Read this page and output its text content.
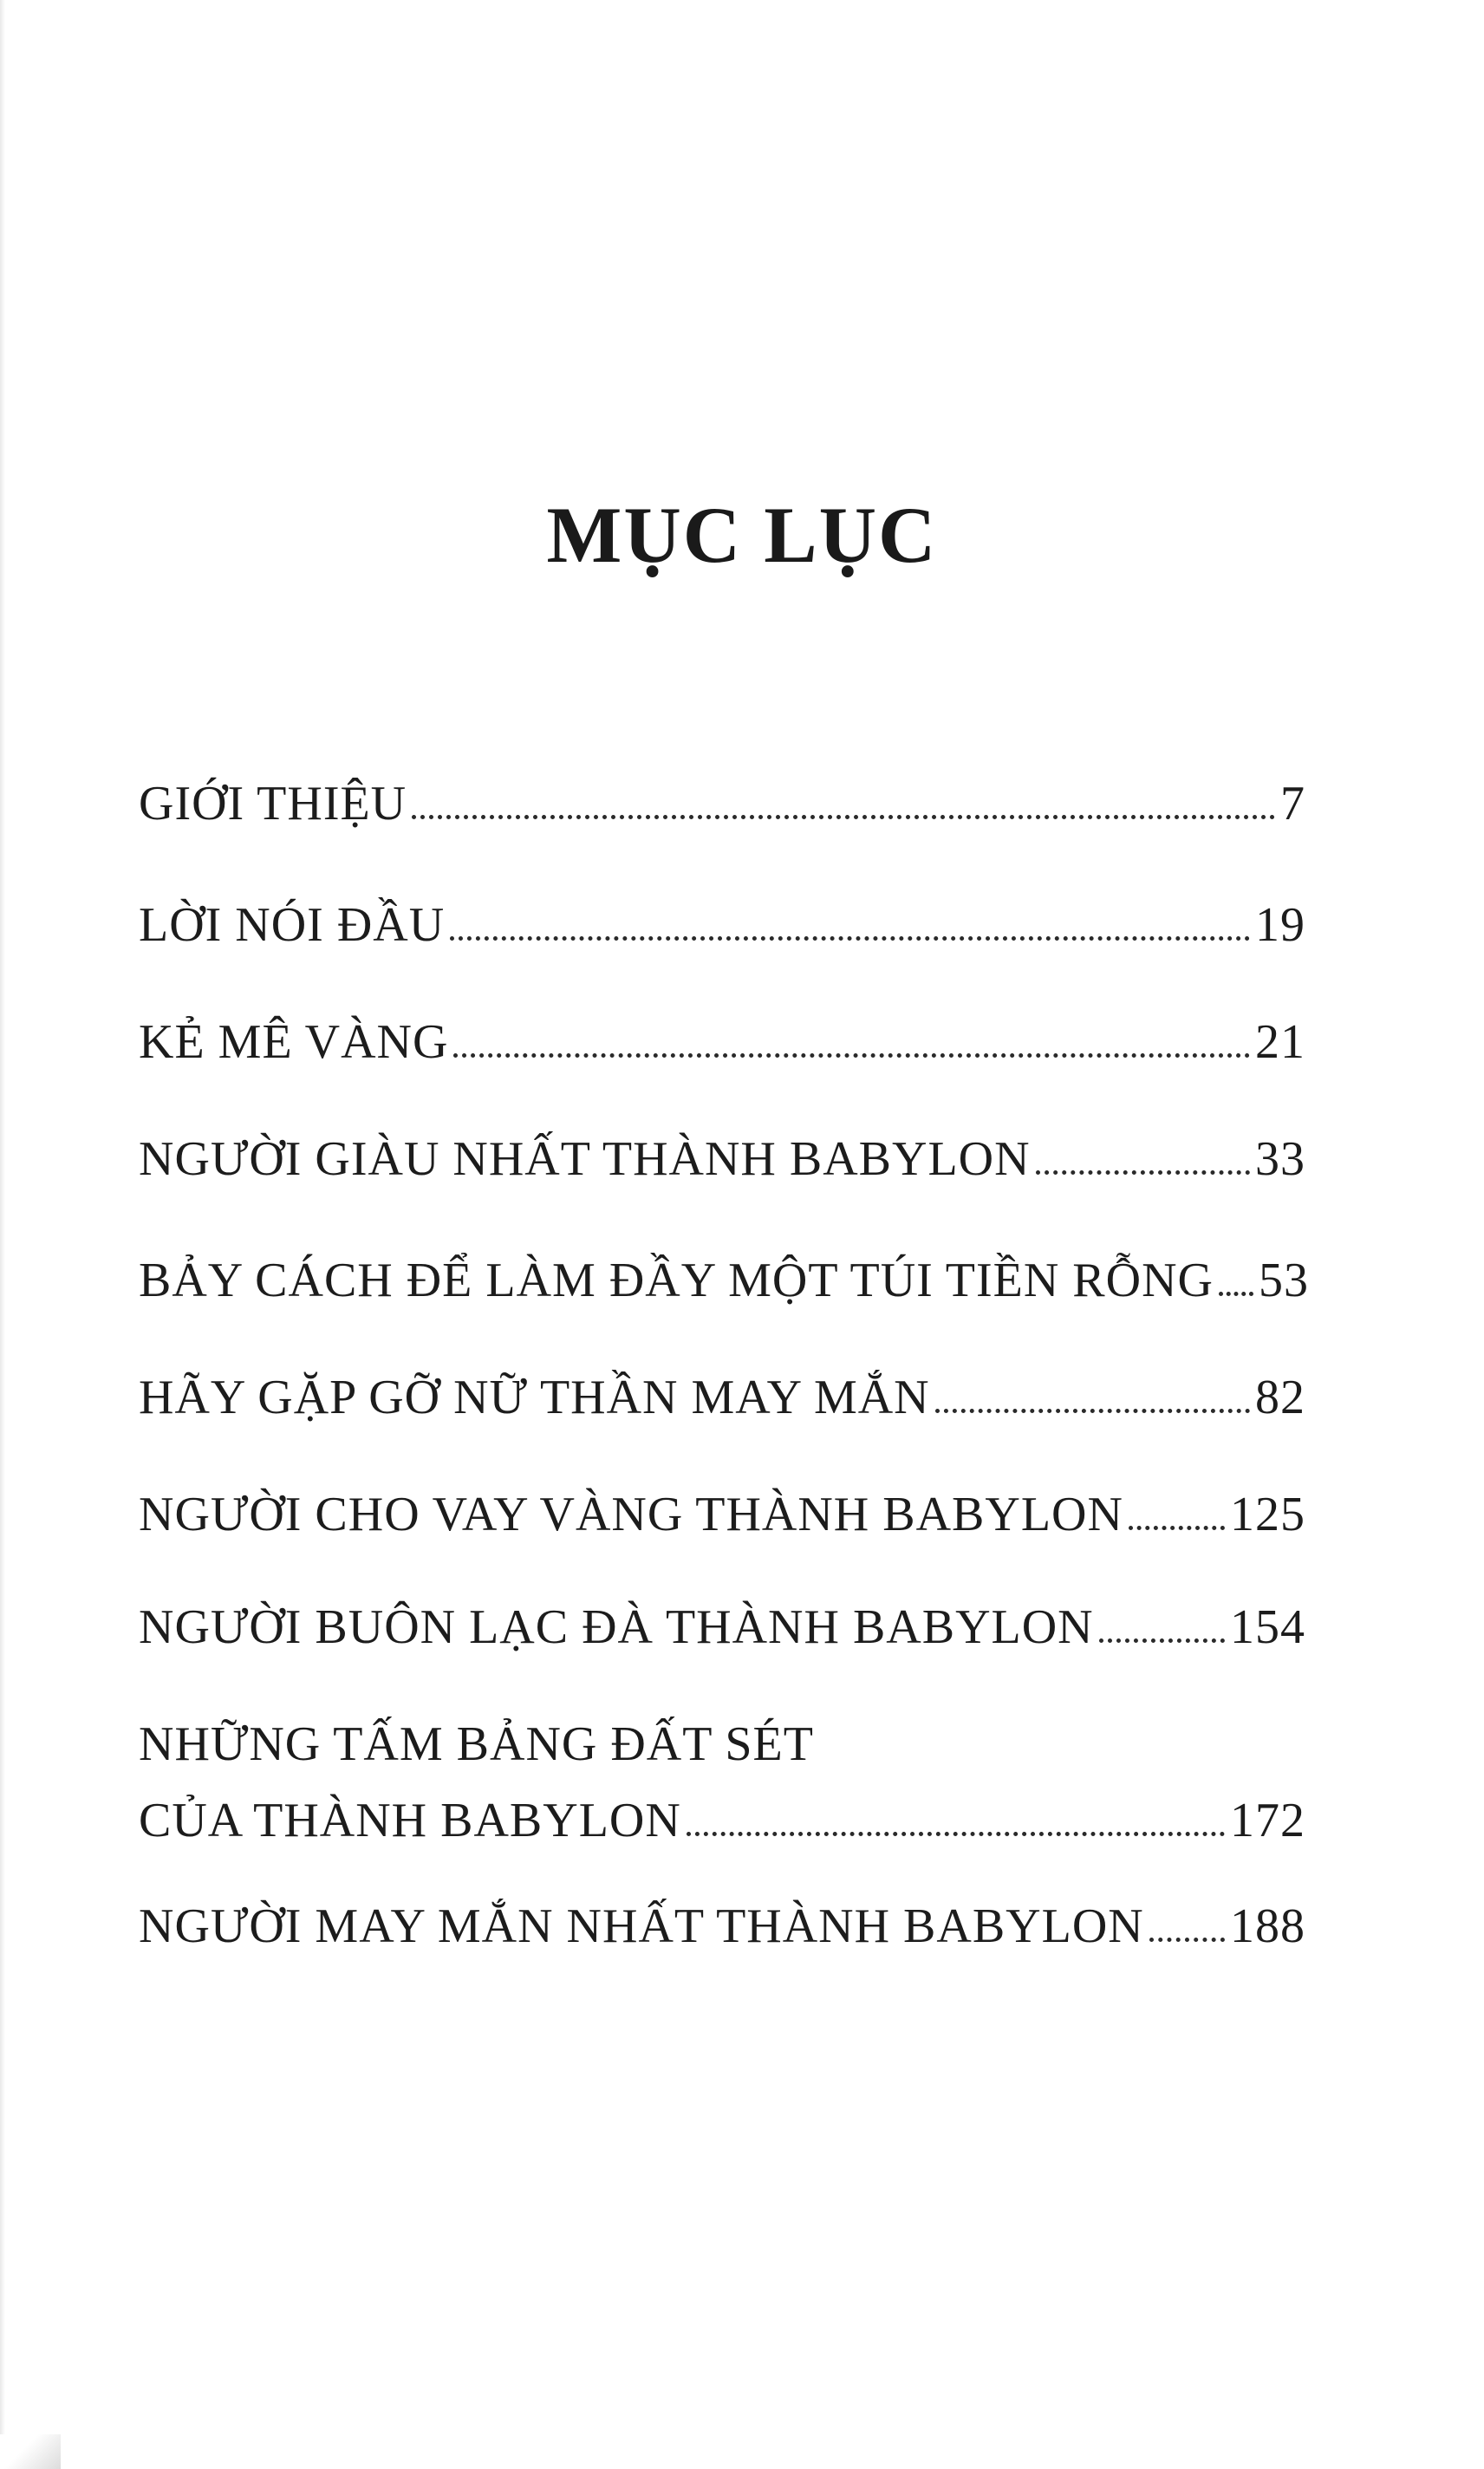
MỤC LỤC
GIỚI THIỆU	7
LỜI NÓI ĐẦU	19
KẺ MÊ VÀNG	21
NGƯỜI GIÀU NHẤT THÀNH BABYLON	33
BẢY CÁCH ĐỂ LÀM ĐẦY MỘT TÚI TIỀN RỖNG 53
HÃY GẶP GỠ NỮ THẦN MAY MẮN	82
NGƯỜI CHO VAY VÀNG THÀNH BABYLON 125
NGƯỜI BUÔN LẠC ĐÀ THÀNH BABYLON	154
NHỮNG TẤM BẢNG ĐẤT SÉT
CỦA THÀNH BABYLON	172
NGƯỜI MAY MẮN NHẤT THÀNH BABYLON 188
